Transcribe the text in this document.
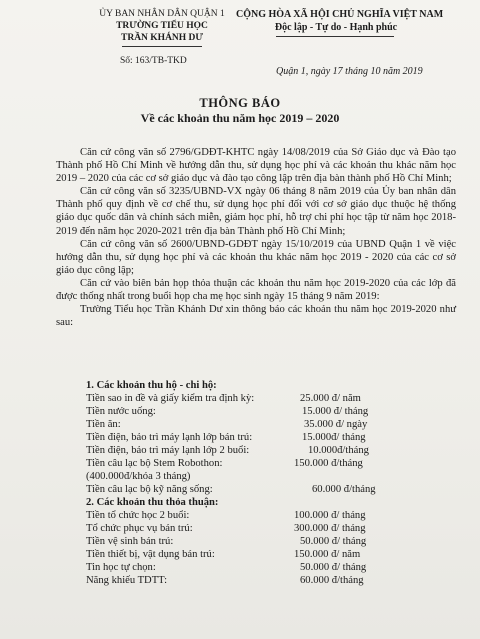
ỦY BAN NHÂN DÂN QUẬN 1
TRƯỜNG TIỂU HỌC
TRẦN KHÁNH DƯ
CỘNG HÒA XÃ HỘI CHỦ NGHĨA VIỆT NAM
Độc lập - Tự do - Hạnh phúc
Số: 163/TB-TKD
Quận 1, ngày 17 tháng 10 năm 2019
THÔNG BÁO
Về các khoản thu năm học 2019 – 2020

Căn cứ công văn số 2796/GDĐT-KHTC ngày 14/08/2019 của Sở Giáo dục và Đào tạo Thành phố Hồ Chí Minh về hướng dẫn thu, sử dụng học phí và các khoản thu khác năm học 2019 – 2020 của các cơ sở giáo dục và đào tạo công lập trên địa bàn thành phố Hồ Chí Minh;

Căn cứ công văn số 3235/UBND-VX ngày 06 tháng 8 năm 2019 của Ủy ban nhân dân Thành phố quy định về cơ chế thu, sử dụng học phí đối với cơ sở giáo dục thuộc hệ thống giáo dục quốc dân và chính sách miễn, giảm học phí, hỗ trợ chi phí học tập từ năm học 2018-2019 đến năm học 2020-2021 trên địa bàn Thành phố Hồ Chí Minh;

Căn cứ công văn số 2600/UBND-GDĐT ngày 15/10/2019 của UBND Quận 1 về việc hướng dẫn thu, sử dụng học phí và các khoản thu khác năm học 2019 - 2020 của các cơ sở giáo dục công lập;

Căn cứ vào biên bản họp thỏa thuận các khoản thu năm học 2019-2020 của các lớp đã được thống nhất trong buổi họp cha mẹ học sinh ngày 15 tháng 9 năm 2019:

Trường Tiểu học Trần Khánh Dư xin thông báo các khoản thu năm học 2019-2020 như sau:

1. Các khoản thu hộ - chi hộ:
Tiền sao in đề và giấy kiểm tra định kỳ:	25.000 đ/ năm
Tiền nước uống:	15.000 đ/ tháng
Tiền ăn:	35.000 đ/ ngày
Tiền điện, bảo trì máy lạnh lớp bán trú:	15.000đ/ tháng
Tiền điện, bảo trì máy lạnh lớp 2 buổi:	10.000đ/tháng
Tiền câu lạc bộ Stem Robothon:	150.000 đ/tháng
(400.000đ/khóa 3 tháng)
Tiền câu lạc bộ kỹ năng sống:	60.000 đ/tháng
2. Các khoản thu thỏa thuận:
Tiền tổ chức học 2 buổi:	100.000 đ/ tháng
Tổ chức phục vụ bán trú:	300.000 đ/ tháng
Tiền vệ sinh bán trú:	50.000 đ/ tháng
Tiền thiết bị, vật dụng bán trú:	150.000 đ/ năm
Tin học tự chọn:	50.000 đ/ tháng
Năng khiếu TDTT:	60.000 đ/tháng
